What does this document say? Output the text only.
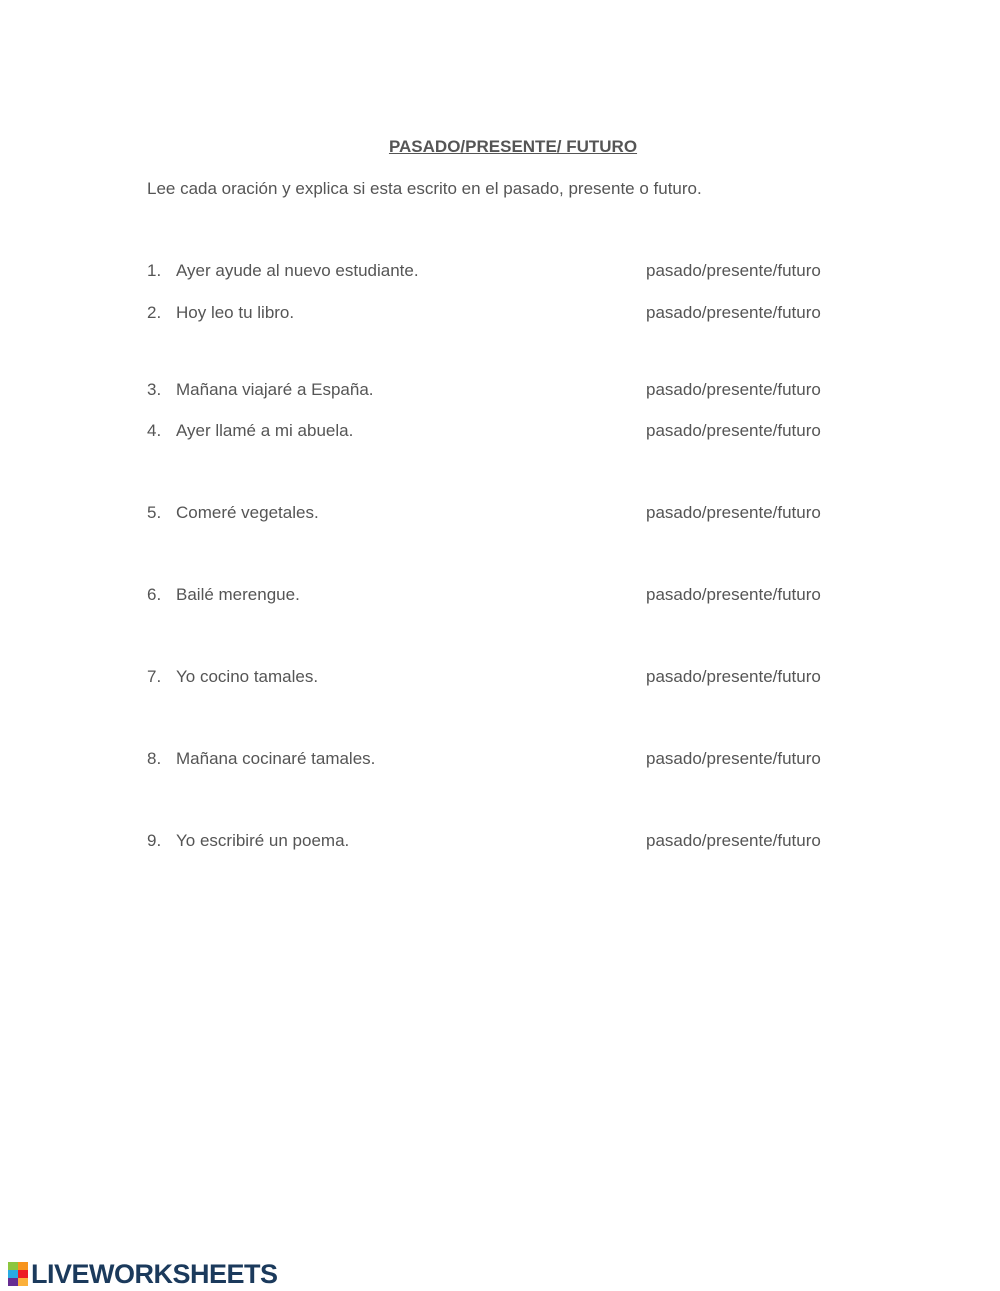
PASADO/PRESENTE/ FUTURO
Lee cada oración y explica si esta escrito en el pasado, presente o futuro.
1. Ayer ayude al nuevo estudiante.	pasado/presente/futuro
2. Hoy leo tu libro.	pasado/presente/futuro
3. Mañana viajaré a España.	pasado/presente/futuro
4. Ayer llamé a mi abuela.	pasado/presente/futuro
5. Comeré vegetales.	pasado/presente/futuro
6. Bailé merengue.	pasado/presente/futuro
7. Yo cocino tamales.	pasado/presente/futuro
8. Mañana cocinaré tamales.	pasado/presente/futuro
9. Yo escribiré un poema.	pasado/presente/futuro
LIVEWORKSHEETS
